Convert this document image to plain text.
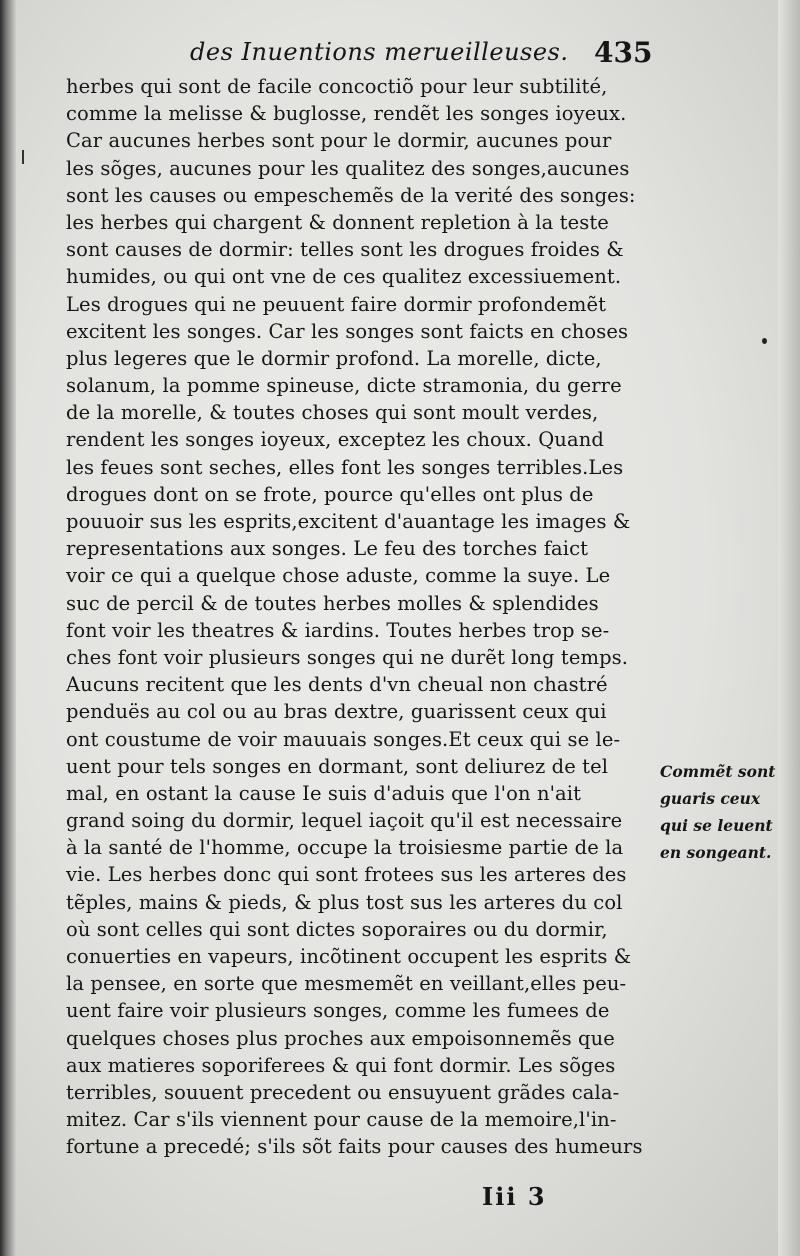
des Inuentions merueilleuses. 435
herbes qui sont de facile concoctiõ pour leur subtilité,
comme la melisse & buglosse, rendẽt les songes ioyeux.
Car aucunes herbes sont pour le dormir, aucunes pour
les sõges, aucunes pour les qualitez des songes,aucunes
sont les causes ou empeschemẽs de la verité des songes:
les herbes qui chargent & donnent repletion à la teste
sont causes de dormir: telles sont les drogues froides &
humides, ou qui ont vne de ces qualitez excessiuement.
Les drogues qui ne peuuent faire dormir profondemẽt
excitent les songes. Car les songes sont faicts en choses
plus legeres que le dormir profond. La morelle, dicte,
solanum, la pomme spineuse, dicte stramonia, du gerre
de la morelle, & toutes choses qui sont moult verdes,
rendent les songes ioyeux, exceptez les choux. Quand
les feues sont seches, elles font les songes terribles.Les
drogues dont on se frote, pource qu'elles ont plus de
pouuoir sus les esprits,excitent d'auantage les images &
representations aux songes. Le feu des torches faict
voir ce qui a quelque chose aduste, comme la suye. Le
suc de percil & de toutes herbes molles & splendides
font voir les theatres & iardins. Toutes herbes trop se-
ches font voir plusieurs songes qui ne durẽt long temps.
Aucuns recitent que les dents d'vn cheual non chastré
penduës au col ou au bras dextre, guarissent ceux qui
ont coustume de voir mauuais songes.Et ceux qui se le-
uent pour tels songes en dormant, sont deliurez de tel
mal, en ostant la cause Ie suis d'aduis que l'on n'ait
grand soing du dormir, lequel iaçoit qu'il est necessaire
à la santé de l'homme, occupe la troisiesme partie de la
vie. Les herbes donc qui sont frotees sus les arteres des
tẽples, mains & pieds, & plus tost sus les arteres du col
où sont celles qui sont dictes soporaires ou du dormir,
conuerties en vapeurs, incõtinent occupent les esprits &
la pensee, en sorte que mesmemẽt en veillant,elles peu-
uent faire voir plusieurs songes, comme les fumees de
quelques choses plus proches aux empoisonnemẽs que
aux matieres soporiferees & qui font dormir. Les sõges
terribles, souuent precedent ou ensuyuent grãdes cala-
mitez. Car s'ils viennent pour cause de la memoire,l'in-
fortune a precedé; s'ils sõt faits pour causes des humeurs
Commẽt sont
guaris ceux
qui se leuent
en songeant.
Iii 3
